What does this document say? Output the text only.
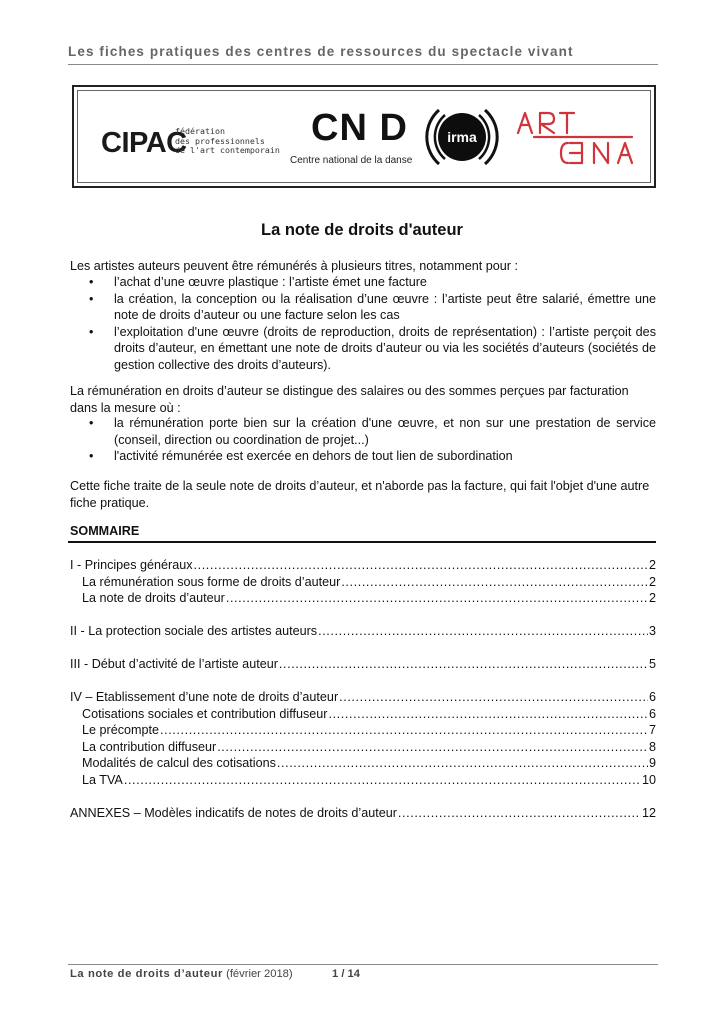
Les fiches pratiques des centres de ressources du spectacle vivant
CIPAC
fédération
des professionnels
de l'art contemporain
CN D
Centre national de la danse
irma
La note de droits d'auteur
Les artistes auteurs peuvent être rémunérés à plusieurs titres, notamment pour :
• l’achat d’une œuvre plastique : l’artiste émet une facture
• la création, la conception ou la réalisation d’une œuvre : l’artiste peut être salarié, émettre une note de droits d’auteur ou une facture selon les cas
• l’exploitation d'une œuvre (droits de reproduction, droits de représentation) : l’artiste perçoit des droits d’auteur, en émettant une note de droits d’auteur ou via les sociétés d’auteurs (sociétés de gestion collective des droits d’auteurs).
La rémunération en droits d’auteur se distingue des salaires ou des sommes perçues par facturation dans la mesure où :
• la rémunération porte bien sur la création d'une œuvre, et non sur une prestation de service (conseil, direction ou coordination de projet...)
• l'activité rémunérée est exercée en dehors de tout lien de subordination
Cette fiche traite de la seule note de droits d’auteur, et n'aborde pas la facture, qui fait l'objet d'une autre fiche pratique.
SOMMAIRE
I - Principes généraux .....	2
La rémunération sous forme de droits d’auteur .....	2
La note de droits d’auteur .....	2
II - La protection sociale des artistes auteurs .....	3
III - Début d’activité de l’artiste auteur .....	5
IV – Etablissement d’une note de droits d’auteur .....	6
Cotisations sociales et contribution diffuseur .....	6
Le précompte .....	7
La contribution diffuseur .....	8
Modalités de calcul des cotisations .....	9
La TVA .....	10
ANNEXES – Modèles indicatifs de notes de droits d’auteur .....	12
La note de droits d’auteur (février 2018)	1 / 14
